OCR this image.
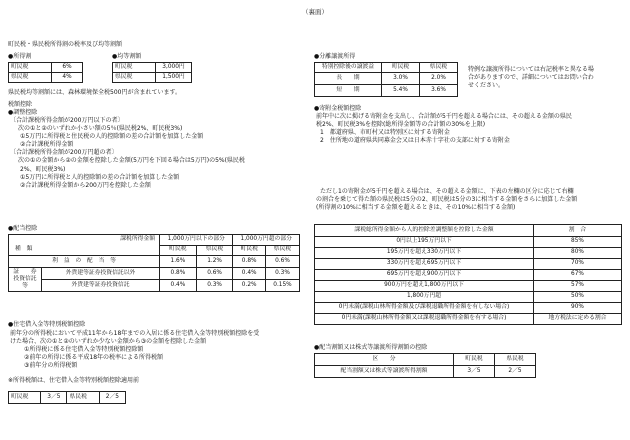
（裏面）
町民税・県民税所得割の税率及び均等割額
●所得割
町民税	6%
県民税	4%
●均等割額
町民税	3,000円
県民税	1,500円
県民税均等割額には、森林環境保全税500円が含まれています。
税額控除
●調整控除
〔合計課税所得金額が200万円以下の者〕
次の①と②のいずれか小さい額の5％(県民税2%、町民税3%)
①5万円に所得税と住民税の人的控除額の差の合計額を加算した金額
②合計課税所得金額
〔合計課税所得金額が200万円超の者〕
次の①の金額から②の金額を控除した金額(5万円を下回る場合は5万円)の5%(県民税
2%、町民税3%)
①5万円に所得税と人的控除額の差の合計額を加算した金額
②合計課税所得金額から200万円を控除した金額
●配当控除
課税所得金額
種　類		1,000万円以下の部分		1,000万円超の部分	
		町民税	県民税	町民税	県民税
利　益　の　配　当　等		1.6%	1.2%	0.8%	0.6%
証　　券
投資信託等	外貨建等証券投資信託以外	0.8%	0.6%	0.4%	0.3%
	外貨建等証券投資信託	0.4%	0.3%	0.2%	0.15%
●住宅借入金等特別税額控除
前年分の所得税において平成11年から18年までの入居に係る住宅借入金等特別税額控除を受
けた場合、次の①と②のいずれか少ない金額から③の金額を控除した金額
①所得税に係る住宅借入金等特別税額控除額
②前年の所得に係る平成18年の税率による所得税額
③前年分の所得税額
※所得税額は、住宅借入金等特別税額控除適用前
町民税	3／5	県民税	2／5
●分離譲渡所得
特別控除後の譲渡益	町民税	県民税
長　　期	3.0%	2.0%
短　　期	5.4%	3.6%
特例な譲渡所得については右記税率と異なる場
合がありますので、詳細についてはお問い合わ
せください。
●寄附金税額控除
前年中に次に掲げる寄附金を支出し、合計額が5千円を超える場合には、その超える金額の県民
税2%、町民税3%を控除(総所得金額等の合計額の30%を上限)
1　都道府県、市町村又は特別区に対する寄附金
2　住所地の道府県共同募金会又は日本赤十字社の支部に対する寄附金
ただし1の寄附金が5千円を超える場合は、その超える金額に、下表の左欄の区分に応じて右欄
の割合を乗じて得た額の県民税は5分の2、町民税は5分の3に相当する金額をさらに加算した金額
(所得割の10%に相当する金額を超えるときは、その10%に相当する金額)
課税総所得金額から人的控除差調整額を控除した金額	割　合
0円以上195万円以下	85%
195万円を超え330万円以下	80%
330万円を超え695万円以下	70%
695万円を超え900万円以下	67%
900万円を超え1,800万円以下	57%
1,800万円超	50%
0円未満(課税山林所得金額及び課税退職所得金額を有しない場合)	90%
0円未満(課税山林所得金額又は課税退職所得金額を有する場合)	地方税法に定める割合
●配当割額又は株式等譲渡所得割額の控除
区　　分	町民税	県民税
配当割額又は株式等譲渡所得割額	3／5	2／5
